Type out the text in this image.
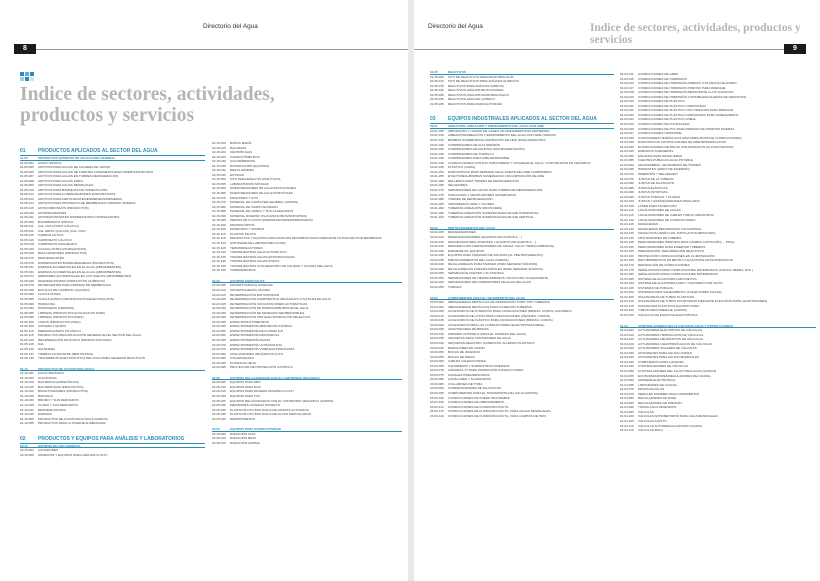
Directorio del Agua
8
Indice de sectores, actividades,
productos y servicios
01	PRODUCTOS APLICADOS AL SECTOR DEL AGUA
01.05	PRODUCTOS QUÍMICOS DE APLICACIÓN GENERAL
01.05.004	ÁCIDO NÍTRICO
01.05.005	ADITIVOS PARA AGUAS DE CALDERA DE VAPOR
01.05.006	ADITIVOS PARA AGUAS DE FUENTES ORNAMENTALES/CUBIERTAS/PISCINAS
01.05.007	ADITIVOS PARA AGUAS EN TORRES REFRIGERACIÓN
01.05.008	ADITIVOS PARA AGUAS FRÍAS
01.05.009	ADITIVOS PARA AGUAS RESIDUALES
01.05.010	ADITIVOS PARA BANDEJAS DE HUMECTACIÓN
01.05.012	ADITIVOS PARA CONDENSADORES EVAPORATIVOS
01.05.013	ADITIVOS PARA FERTILIZANTES/ENMIENDAS/PRIMERAS
01.05.014	ADITIVOS PARA PROCESOS DE MEMBRANAS OSMOSIS INVERSA
01.05.015	ANTICORROSIVOS (PRODUCTOS)
01.05.040	ANTIESPUMANTES
01.05.041	ANTIINCRUSTANTES DISPERSANTES COMPLEJANTES
01.05.009	BICARBONATO SÓDICO
01.05.011	CAL VIVA (ÓXIDO CÁLCICO)
01.05.012	CAL GRISO (CALCIO) (CAL VIVA)
01.05.015	CARBON ACTIVO
01.05.016	CARBONATO CÁLCICO
01.05.018	CARBONATO MAGNÉSICO
01.05.020	COAGULANTES (INORGÁNICOS)
01.05.026	DECLORADORES (PRODUCTOS)
01.05.075	DESODORANTES
01.05.076	DISPERSANTES BIODEGRADABLES (PRODUCTOS)
01.05.031	ENZIMAS ACCIDENTALES EN EL AGUA (ABSORBENTES)
01.05.033	ENZIMAS ACCIDENTALES EN EL AGUA (ABSORBENTES)
01.05.074	DERRAMES ACCIDENTALES EN LOS SUELOS (ABSORBENTES)
01.05.045	DESINFECTANTES (PRODUCTOS QUÍMICOS)
01.05.078	DETERGENTES PARA LIMPIEZA DE MEMBRANAS
01.05.040	ESCALAS DE CARBONO (LÍQUIDO)
01.05.080	FLOCULANTES
01.05.085	FLOCULANTES (ORGÁNICOS-POLIELECTROLITOS)
01.05.090	HIDRACINA
01.05.092	HIDRÓGENO (LIMPIEZA)
01.05.095	LIMPIEZA (PRODUCTOS ECOLÓGICOS PARA)
01.05.098	LIMPIEZA (PRODUCTOS PARA)
01.05.100	LODOS (PRODUCTOS PARA)
01.05.105	OXÍGENO LÍQUIDO
01.05.110	PERMANGANATO POTÁSICO
01.05.115	PRODUCTOS PARA APLICACIÓN GENERAL EN EL SECTOR DEL AGUA
01.05.120	REGENERACIÓN DE POZOS (PRODUCTOS PARA)
01.05.125	SAL
01.05.130	SALMUERA
01.05.132	TIERRAS FILTRANTES (BENTONITAS)
01.05.135	TRATAMIENTO ELECTROLÍTICO DEL AGUA PARA GENERAR REACTIVOS
01.10	PRODUCTOS DE ACCIÓN BIOLÓGICA
01.10.001	AGUA ORGÁNICA
01.10.005	ALGUICIDAS
01.10.010	BACTERIAS (ESPECÍFICAS)
01.10.015	BACTERICIDAS (PRODUCTOS)
01.10.020	BIOACTIVADORES (PRODUCTOS)
01.10.025	BIOCIDAS
01.10.030	BROMO Y SUS DERIVADOS
01.10.035	CLORO Y SUS DERIVADOS
01.10.040	DESINFECTANTES
01.10.045	ENZIMAS
01.10.050	PRODUCTOS DE ACCIÓN BIOLÓGICA (VARIOS)
01.10.055	PRODUCTOS PARA LA HIGIENE ALIMENTARIA
02	PRODUCTOS Y EQUIPOS PARA ANÁLISIS Y LABORATORIOS
02.15	EQUIPOS DE USO GENERAL
02.15.003	AGITADORES
02.15.005	APARATOS Y EQUIPOS PARA ANÁLISIS IN SITU
02.15.010	BAÑOS MARÍA
02.15.015	BALANZAS
02.15.020	CENTRÍFUGAS
02.15.025	CONDUCTÍMETROS
02.15.030	COLORÍMETROS
02.15.035	DOSIFICACIÓN (EQUIPOS)
02.15.040	DESTILADORES
02.15.045	ESTUFAS
02.15.050	KITS PARA ENSAYOS ANALÍTICOS
02.15.055	LABORATORIOS MÓVILES
02.15.060	MUESTREADORES DE AGUA ESTACIONARIA
02.15.065	MUESTREADORES DE AGUA PORTÁTILES
02.15.070	MALETINES Y KITS
02.15.075	MATERIAL DE CARÁCTER GENERAL (VARIOS)
02.15.080	MATERIAL DE VIDRIO AFORADO
02.15.085	MATERIAL DE VIDRIO Y SUS ACCESORIOS
02.15.090	MATERIAL DIVERSO (PLACAS/FILTROS/SOPORTES)
02.15.095	MEDIOS DE CULTIVO (PREPARADOS/DESHIDRATADOS)
02.15.100	MICROSCOPIOS
02.15.105	PHMETROS Y SONDAS
02.15.110	PLANTAS PILOTO
02.15.115	PRODUCTOS Y EQUIPOS PARA ANÁLISIS MICROBIOLÓGICO MEDIANTE FILTRACIÓN POR MEMBRANA
02.15.120	SOFTWARE DE LABORATORIO (LIMS)
02.15.125	TERMORREACTORES
02.15.130	TOMAMUESTRAS AGUA AUTOMÁTICO
02.15.135	TOMAMUESTRAS AGUAS ESTRATIFICADAS
02.15.140	TOMAMUESTRAS AGUAS POZOS
02.15.145	TOMAMUESTRAS CON REGISTRO DE CALIDAD Y CAUDAL DEL AGUA
02.15.150	TURBIDÍMETROS
02.20	EQUIPOS ESPECIALES
02.20.005	CROMATOGRAFÍA GASEOSA
02.20.010	CROMATOGRAFÍA LÍQUIDA
02.20.015	DETERMINACIÓN BIOTOXICIDAD
02.20.020	DETERMINACIÓN COMPUESTOS ORGÁNICOS VOLÁTILES EN AGUA
02.20.025	DETERMINACIÓN CON ESTACIONES AUTOMÁTICAS
02.20.030	DETERMINACIÓN DE HIDROCARBUROS EN EL AGUA
02.20.035	DETERMINACIÓN DE MATERIAS SEDIMENTABLES
02.20.040	DETERMINACIÓN POR ELECTRODOS IÓN SELECTIVO
02.20.045	ESPECTROFOTÓMETROS
02.20.050	ESPECTROMETRÍA ABSORCIÓN ATÓMICA
02.20.055	ESPECTROMETRÍA DE PLASMA ICP
02.20.060	ESPECTROMETRÍA INFRARROJA
02.20.065	ESPECTROMETRÍA MASAS
02.20.070	ESPECTROMETRÍA ULTRAVIOLETA
02.20.075	ESPECTROMETRÍA VISIBLE/ULTRAVIOLETA
02.20.080	ANALIZADORES ORGÁNICOS (COT)
02.20.085	POLARÓGRAFO
02.20.090	POTENCIAL ZETA
02.20.095	PROYECTOR DE PROTECCIÓN CATÓDICA
02.25	EQUIPOS RELACIONADOS CON EL CONTENIDO ORGÁNICO
02.25.005	EQUIPOS PARA DBO
02.25.010	EQUIPOS PARA DQO
02.25.015	EQUIPOS PARA MATERIA ORGÁNICA (COT)
02.25.020	EQUIPOS PARA TOC
02.25.025	EQUIPOS RELACIONADOS CON EL CONTENIDO ORGÁNICO (VARIOS)
02.25.030	MEDIDORES OXÍGENO DISUELTO
02.25.035	PLANTA PILOTO BIOLÓGICA DE FANGOS ACTIVADOS
02.25.040	PLANTA PILOTO BIOLÓGICA DE FILTRO PERCOLADOR
02.25.045	RESPIRÓMETRO
02.30	EQUIPOS PARA RADIOACTIVIDAD
02.30.005	RADIACIÓN ALFA
02.30.010	RADIACIÓN BETA
02.30.015	RADIACIÓN GAMMA
Directorio del Agua	Indice de sectores, actividades, productos y servicios
9
02.35	REACTIVOS
02.35.005	KITS DE REACTIVOS PARA MICROBIOLOGÍA
02.35.010	KITS DE REACTIVOS PARA ANÁLISIS QUÍMICOS
02.35.015	REACTIVOS PARA ANÁLISIS (VARIOS)
02.35.020	REACTIVOS ANÁLISIS BIOTOXICIDAD
02.35.025	REACTIVOS ANÁLISIS MICROBIOLÓGICO
02.35.030	REACTIVOS ANÁLISIS QUÍMICO
02.35.035	REACTIVOS PARA RADIOACTIVIDAD
03	EQUIPOS INDUSTRIALES APLICADOS AL SECTOR DEL AGUA
03.01	AIREACIÓN, AIREACIÓN Y ENFRIAMIENTO DEL AGUA CON AIRE
03.01.005	ABSORCIÓN Y LAVADO DE GASES (OLORES/MIEDOS/OLOR/HEDOR)
03.01.010	AIREACIÓN/AIREACIÓN Y ENFRIAMIENTO DEL AGUA CON AIRE (VARIOS)
03.01.015	BOMBAS SUMERGIDAS+ASPIRACIÓN DE AIRE (PARA AIREACIÓN)
03.01.020	COMPRESORES DE ALTA PRESIÓN
03.01.025	COMPRESORES DE PALETAS (INSTRUMENTACIÓN)
03.01.030	COMPRESORES DE TORNILLO
03.01.035	COMPRESORES PARA AIRE RESPIRABLE
03.01.040	CONDUCCIONES CON PVC PARA AIREAR Y OXIGENAR EL AGUA, CONSTRUIDOS EN CERÁMICA
03.01.045	PLÁSTICO (CAMA)
03.01.050	DISPOSITIVOS PARA SEPARAR AGUA-ACEITE DEL AIRE COMPRIMIDO
03.01.055	EYECTORES+BOMBAS SUMERGIDAS CON ASPIRACIÓN DE AIRE
03.01.060	RELLENOS PARA TORRES DE REFRIGERACIÓN
03.01.065	SECADORES
03.01.070	SEPARADORES DE GOTAS PARA TORRES DE REFRIGERACIÓN
03.01.075	SOPLANTES Y VENTILADORES SUMERGIDOS
03.01.080	TORRES DE REFRIGERACIÓN
03.01.085	TRATAMIENTO AIRE Y OLORES
03.01.090	TUBERÍAS AIREACIÓN (DIFUSORES)
03.01.095	TUBERÍAS AIREACIÓN SUPERFICIALES DE EJE HORIZONTAL
03.01.100	TUBERÍAS AIREACIÓN SUPERFICIALES DE EJE VERTICAL
03.02	PRETRATAMIENTOS DEL AGUA
03.02.005	DESARENADORES
03.02.010	DESENGRASADORES (EQUIPOS APLICADOS A ...)
03.02.015	DESGRASADORES (PUENTES Y EQUIPOS APLICADOS A ...)
03.02.020	DESINFECCIÓN (SEPARADORES DE GRASA, AGUA, HIDROCARBUROS)
03.02.025	ESPARABLAS, EQUIPOS
03.02.030	EQUIPOS PARA TAMIZADO DE SÓLIDOS (AL PRETRATAMIENTO)
03.02.035	PRETRATAMIENTOS DEL AGUA (VARIOS)
03.02.040	REJILLAS/REJAS PARA TAMICES (PARA SEPARAR SÓLIDOS)
03.02.045	REJILLAS/REJAS TAMICES MÓVILES (PARA SEPARAR SÓLIDOS)
03.02.050	SEPARACIÓN ACEITES Y FLOTANTES
03.02.055	SEPARADORES DE HIDROCARBUROS CON FILTRO COALESCENTE
03.02.060	SEPARADORES RECUPERADORES DE AGUA DEL AGUA
03.02.065	TAMICES
03.03	COMPONENTES PARA EL TRANSPORTE DEL AGUA
03.03.002	ABRAZADERAS METÁLICAS DE REPARACIÓN TODO TIPO TUBERÍAS
03.03.003	ABRAZADERAS METÁLICAS PARA CONEXIÓN TUBERÍAS
03.03.005	ACCESORIOS DE FUNDICIÓN PARA CONDUCCIONES (BRIDAS, CODOS, RACORES)
03.03.010	ACCESORIOS DE LATÓN PARA CONDUCCIONES (UNIONES, CODOS)
03.03.015	ACCESORIOS DE PLÁSTICO PARA CONDUCCIONES (BRIDAS, CODOS)
03.03.020	ACCESORIOS PARA LAS CONDUCCIONES (ELECTROSOLDABLE)
03.03.025	ADAPTADORES DE BRIDAS
03.03.030	ARMARIO ANTIHIELO (PARA EL INGRESO DEL AGUA)
03.03.035	ARQUETAS PARA CONTADORES DE AGUA
03.03.040	ARQUETAS REGISTRO (FUNDICIÓN, ALUMINIO PLÁSTICO)
03.03.045	BANDA FIBRA DE VIDRIO
03.03.050	BOCAS DE INCENDIO
03.03.055	BOCAS DE RIEGO
03.03.060	CABLES CALEFACTORES
03.03.065	CALDERERÍA Y SUMINISTROS DIVERSOS
03.03.070	CÁMARAS TV PARA INSPECCIÓN CONDUCCIONES
03.03.075	CANALES PREFABRICADOS
03.03.080	CANALONES Y ACCESORIOS
03.03.085	COLLARINES DE TOMA
03.03.090	COMPENSADORES DE DILATACIÓN
03.03.095	COMPONENTES PARA EL TRANSPORTE DEL AGUA (VARIOS)
03.03.100	CONDUCCIONES DE ACERO INOXIDABLE
03.03.105	CONDUCCIONES DE FIBROCEMENTO
03.03.110	CONDUCCIONES DE FUNDICIÓN DÚCTIL
03.03.115	CONDUCCIONES DE FUNDICIÓN DÚCTIL, PARA AGUAS RESIDUALES
03.03.120	CONDUCCIONES DE FUNDICIÓN DÚCTIL, PARA CAMPOS DE TIRO
01.03.011	CONDUCCIONES DE GRES
01.03.015	CONDUCCIONES DE HORMIGÓN
01.03.016	CONDUCCIONES DE HORMIGÓN ARMADO O PLANCHA DE ACERO
01.03.017	CONDUCCIONES DE HORMIGÓN POROSO PARA DRENAJE
01.03.018	CONDUCCIONES DE HORMIGÓN RESISTENTE A LOS SULFATOS
01.03.019	CONDUCCIONES DE HORMIGÓN (VISITABLES/GALERÍAS DE SERVICIOS)
01.03.020	CONDUCCIONES DE PLÁSTICO
01.03.021	CONDUCCIONES DE PLÁSTICO CORRUGADO
01.03.022	CONDUCCIONES DE PLÁSTICO CON ORIFICIOS PARA DRENAJE
01.03.023	CONDUCCIONES DE PLÁSTICO CORRUGADO PARA SANEAMIENTO
01.03.024	CONDUCCIONES DE PLÁSTICO LINEAL
01.03.025	CONDUCCIONES DE POLIETILENO
01.03.026	CONDUCCIONES DE PVC PARA PRESIÓN DE OSMOSIS INVERSA
01.03.027	CONDUCCIONES OFFSHORE
01.03.030	CONTADORES HIDRÁULICOS (MAYORES MONTAJE CONDUCCIONES)
01.03.035	DISPOSITIVOS CONTRA GOLPES DE ARIETE/HIDRÁULICOS
01.03.040	DOSIFICADORES DE BOLAS (POLIFOSFATOS-SILICOFOSFATOS)
01.03.045	EMBUDOS SUMIDEROS
01.03.050	ENLACES PARA MANGUERAS
01.03.055	FUENTES PÚBLICAS AGUA POTABLE
01.03.060	GEOFOMBRAS, GEOFORMAS DE TORRES
01.03.065	HIDRANTES (GRIFO DE INCENDIO)
01.03.070	INSERCIÓN Y RELLENADO
01.03.075	JUNTAS DE LA TUBERÍA
01.03.080	JUNTAS DE DILATACIÓN
01.03.085	JUNTAS ELÁSTICAS
01.03.090	JUNTAS ROTATIVAS
01.03.095	JUNTAS TÓRICAS Y PLANAS
01.03.100	JUNTAS Y ESTANQUEIDADES PARA LEDS
01.03.105	LÁSER PARA ALINEACIÓN
01.03.110	LOCALIZADORES DE FUGAS
01.03.115	LOCALIZADORES DE CABLES TUBOS, REGISTROS
01.03.120	LOCALIZADORES DE CONDUCCIONES
01.03.125	MANGUERAS
01.03.130	MANGUERAS REFORZADAS CON ESPIRAL
01.03.135	MANGUITOS UNIÓN CON JUNTA (AUTOLIMPIANTES)
01.03.140	OBTURADORES DE TUBERÍA
01.03.145	PERFORADORES HIDROPULIDOS (CRIBAS CAPTACIÓN) ... PP(G)
01.03.150	PERFORADORES PARA INSERTAR TUBERÍAS
01.03.155	PREPARACIÓN, DEFORMACIÓN REACTIVOS
01.03.160	PROTECCIÓN CONDUCCIONES EN CLIMATIZACIÓN
01.03.165	RECUBRIMIENTOS EN BETÚN O ALQUITRÁN ANTICORROSIVOS
01.03.170	REPARACIÓN DE CONDUCCIONES
01.03.175	SEÑALIZACIÓN PARA CONDUCCIONES ENTERRADAS (CINTAS, REDES, ETC.)
01.03.180	SEÑALIZACIÓN PARA CONDUCCIONES ENTERRADAS
01.03.185	SISTEMA DE ALCANTARILLADO DE PVC
01.03.190	SISTEMA DE ALCANTARILLADO Y SANITARIO POR VACÍO
01.03.195	SISTEMAS DE PURGAS
01.03.200	SISTEMAS PARA SANEAMIENTO (COLECTORES VIALES)
01.03.205	SOLDADORAS DE TUBOS PLÁSTICOS
01.03.210	SOLDADORAS DE TUBOS POLIETILENO MEDIANTE ELECTROFUSIÓN (ADAPTADORES)
01.03.215	SOLDADURA PLÁSTICOS EQUIPOS PARA
01.03.220	TUBOS PARA DRENAJE (VARIOS)
01.03.225	VÁLVULAS DE ESCUCHA ELECTRÓNICA
01.04	CONTROLADORES DEL FLUJO PARA AGUA Y OTROS FLUIDOS
01.04.005	ACTUADORES ELÉCTRICOS DE VÁLVULAS
01.04.010	ACTUADORES HIDRÁULICOS DE VÁLVULAS
01.04.015	ACTUADORES NEUMÁTICOS DE VÁLVULAS
01.04.020	ACTUADORES OLEOHIDRÁULICOS DE VÁLVULAS
01.04.025	ACTUADORES SOLARES DE VÁLVULAS
01.04.030	ANTIARIETES PARA AGUAS LIMPIAS
01.04.035	ANTIARIETES PARA AGUAS RESIDUALES
01.04.040	COMPUERTAS PARA CANALES
01.04.045	CONTROLADORES DE VÁLVULAS
01.04.050	CONTROLADORES DEL FLUJO PARA AGUA (VARIOS)
01.04.055	ECONOMIZADORES/REGULADORES DE CAUDAL
01.04.060	GRIFERÍA ELECTRÓNICA
01.04.065	LIMITADORES DE CAUDAL
01.04.070	MICROVÁLVULAS
01.04.075	PERFILES SOMMER PARA COMPUERTAS
01.04.080	REGULADORES DE NIVEL
01.04.085	REGULADORES DE PRESIÓN
01.04.090	TOMAS AGUA INCENDIOS
01.04.095	VÁLVULAS
01.04.100	VÁLVULAS ANTIRRETORNO PARA AGUA RESIDUALES
01.04.105	VÁLVULAS AJUSTO
01.04.110	VÁLVULAS AUTORREGULADORAS CAUDAL
01.04.115	VÁLVULAS BOLA
